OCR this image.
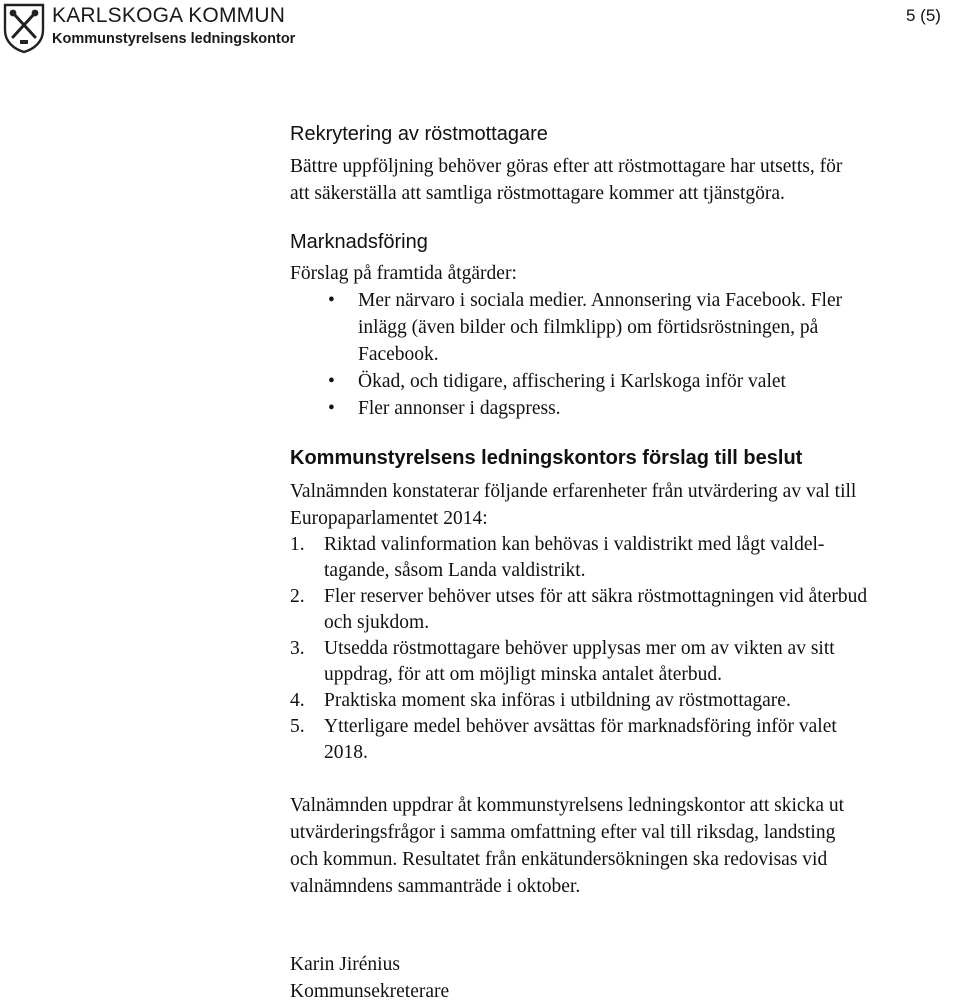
KARLSKOGA KOMMUN
Kommunstyrelsens ledningskontor
5 (5)
Rekrytering av röstmottagare
Bättre uppföljning behöver göras efter att röstmottagare har utsetts, för
att säkerställa att samtliga röstmottagare kommer att tjänstgöra.
Marknadsföring
Förslag på framtida åtgärder:
• Mer närvaro i sociala medier. Annonsering via Facebook. Fler
inlägg (även bilder och filmklipp) om förtidsröstningen, på
Facebook.
• Ökad, och tidigare, affischering i Karlskoga inför valet
• Fler annonser i dagspress.
Kommunstyrelsens ledningskontors förslag till beslut
Valnämnden konstaterar följande erfarenheter från utvärdering av val till
Europaparlamentet 2014:
1. Riktad valinformation kan behövas i valdistrikt med lågt valdel-
tagande, såsom Landa valdistrikt.
2. Fler reserver behöver utses för att säkra röstmottagningen vid återbud
och sjukdom.
3. Utsedda röstmottagare behöver upplysas mer om av vikten av sitt
uppdrag, för att om möjligt minska antalet återbud.
4. Praktiska moment ska införas i utbildning av röstmottagare.
5. Ytterligare medel behöver avsättas för marknadsföring inför valet
2018.
Valnämnden uppdrar åt kommunstyrelsens ledningskontor att skicka ut
utvärderingsfrågor i samma omfattning efter val till riksdag, landsting
och kommun. Resultatet från enkätundersökningen ska redovisas vid
valnämndens sammanträde i oktober.
Karin Jirénius
Kommunsekreterare
